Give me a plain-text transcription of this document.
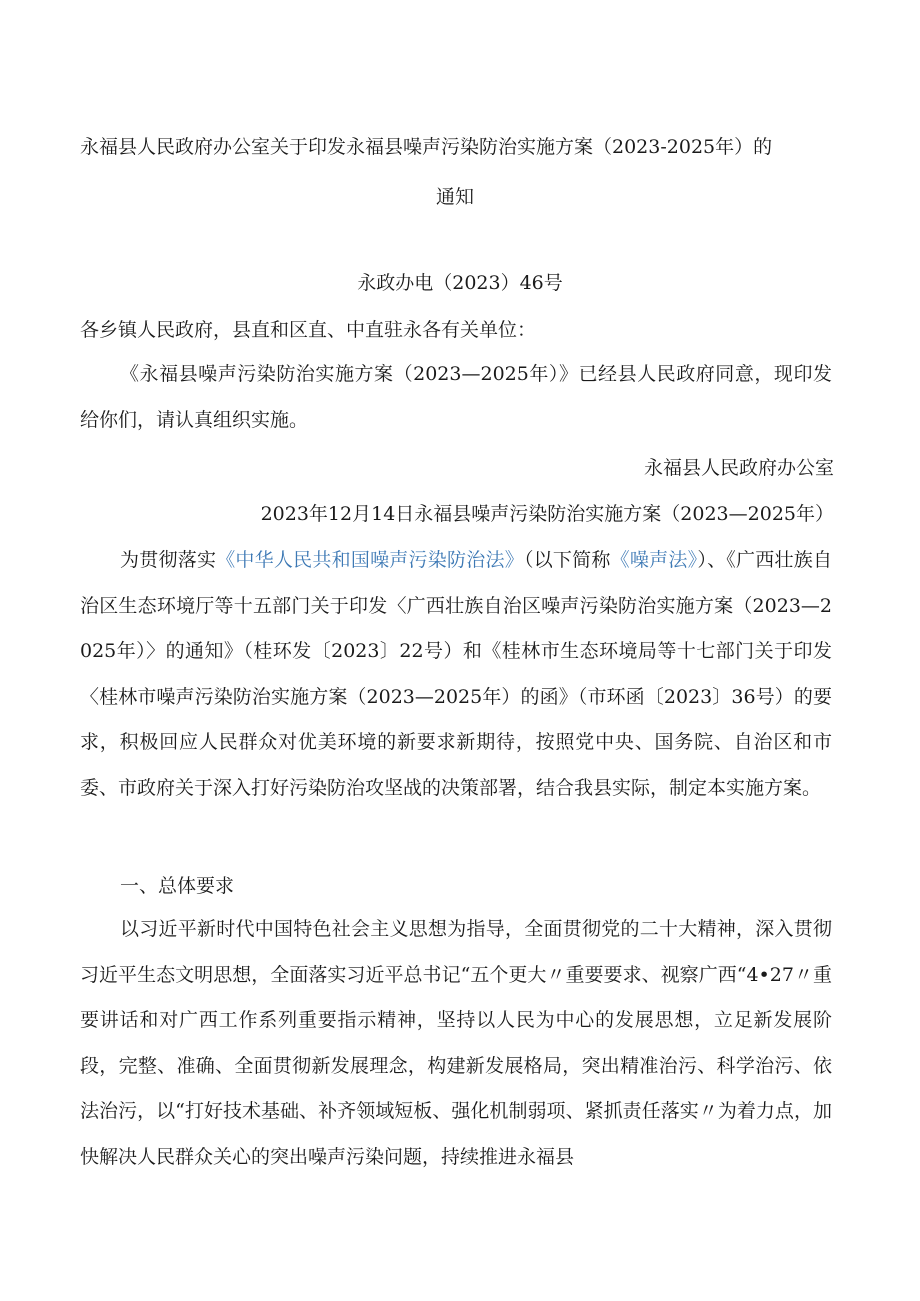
永福县人民政府办公室关于印发永福县噪声污染防治实施方案（2023-2025年）的
通知
永政办电（2023）46号
各乡镇人民政府，县直和区直、中直驻永各有关单位：
《永福县噪声污染防治实施方案（2023—2025年）》已经县人民政府同意，现印发给你们，请认真组织实施。
永福县人民政府办公室
2023年12月14日永福县噪声污染防治实施方案（2023—2025年）
为贯彻落实《中华人民共和国噪声污染防治法》（以下简称《噪声法》）、《广西壮族自治区生态环境厅等十五部门关于印发〈广西壮族自治区噪声污染防治实施方案（2023—2025年）〉的通知》（桂环发〔2023〕22号）和《桂林市生态环境局等十七部门关于印发〈桂林市噪声污染防治实施方案（2023—2025年）的函》（市环函〔2023〕36号）的要求，积极回应人民群众对优美环境的新要求新期待，按照党中央、国务院、自治区和市委、市政府关于深入打好污染防治攻坚战的决策部署，结合我县实际，制定本实施方案。
一、总体要求
以习近平新时代中国特色社会主义思想为指导，全面贯彻党的二十大精神，深入贯彻习近平生态文明思想，全面落实习近平总书记“五个更大〃重要要求、视察广西“4•27〃重要讲话和对广西工作系列重要指示精神，坚持以人民为中心的发展思想，立足新发展阶段，完整、准确、全面贯彻新发展理念，构建新发展格局，突出精准治污、科学治污、依法治污，以“打好技术基础、补齐领域短板、强化机制弱项、紧抓责任落实〃为着力点，加快解决人民群众关心的突出噪声污染问题，持续推进永福县
